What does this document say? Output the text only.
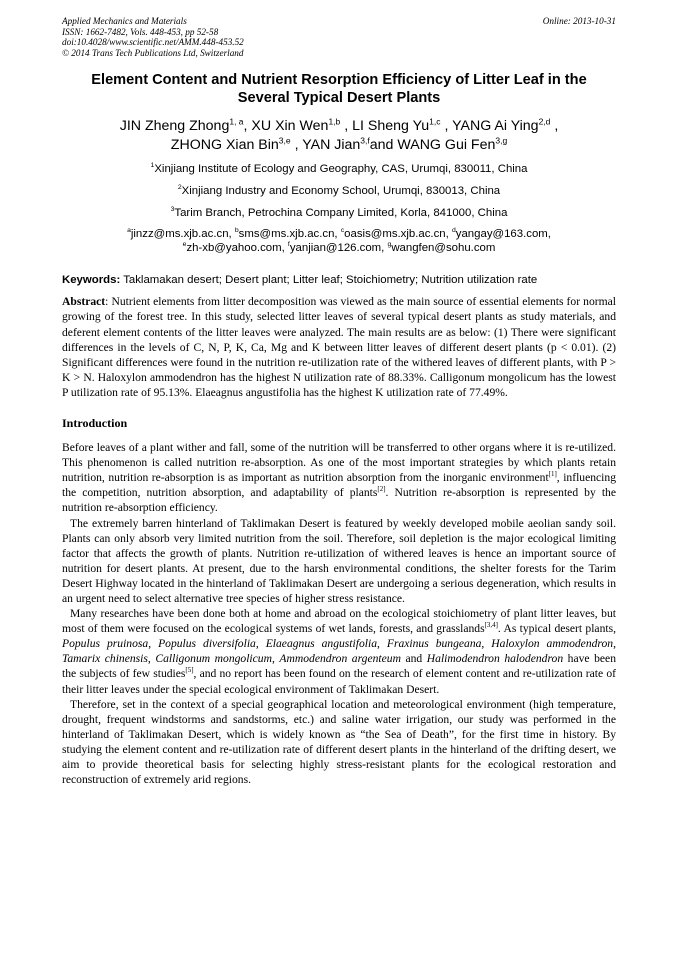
Applied Mechanics and Materials
ISSN: 1662-7482, Vols. 448-453, pp 52-58
doi:10.4028/www.scientific.net/AMM.448-453.52
© 2014 Trans Tech Publications Ltd, Switzerland
Online: 2013-10-31
Element Content and Nutrient Resorption Efficiency of Litter Leaf in the
Several Typical Desert Plants
JIN Zheng Zhong$^{1, a}$, XU Xin Wen$^{1,b}$ , LI Sheng Yu$^{1,c}$ , YANG Ai Ying$^{2,d}$ ,
ZHONG Xian Bin$^{3,e}$ , YAN Jian$^{3,f}$and WANG Gui Fen$^{3,g}$
$^1$Xinjiang Institute of Ecology and Geography, CAS, Urumqi, 830011, China
$^2$Xinjiang Industry and Economy School, Urumqi, 830013, China
$^3$Tarim Branch, Petrochina Company Limited, Korla, 841000, China
$^a$jinzz@ms.xjb.ac.cn, $^b$sms@ms.xjb.ac.cn, $^c$oasis@ms.xjb.ac.cn, $^d$yangay@163.com,
$^e$zh-xb@yahoo.com, $^f$yanjian@126.com, $^g$wangfen@sohu.com
Keywords: Taklamakan desert; Desert plant; Litter leaf; Stoichiometry; Nutrition utilization rate
Abstract: Nutrient elements from litter decomposition was viewed as the main source of essential elements for normal growing of the forest tree. In this study, selected litter leaves of several typical desert plants as study materials, and deferent element contents of the litter leaves were analyzed. The main results are as below: (1) There were significant differences in the levels of C, N, P, K, Ca, Mg and K between litter leaves of different desert plants (p < 0.01). (2) Significant differences were found in the nutrition re-utilization rate of the withered leaves of different plants, with P > K > N. Haloxylon ammodendron has the highest N utilization rate of 88.33%. Calligonum mongolicum has the lowest P utilization rate of 95.13%. Elaeagnus angustifolia has the highest K utilization rate of 77.49%.
Introduction

Before leaves of a plant wither and fall, some of the nutrition will be transferred to other organs where it is re-utilized. This phenomenon is called nutrition re-absorption. As one of the most important strategies by which plants retain nutrition, nutrition re-absorption is as important as nutrition absorption from the inorganic environment[1], influencing the competition, nutrition absorption, and adaptability of plants[2]. Nutrition re-absorption is represented by the nutrition re-absorption efficiency.

The extremely barren hinterland of Taklimakan Desert is featured by weekly developed mobile aeolian sandy soil. Plants can only absorb very limited nutrition from the soil. Therefore, soil depletion is the major ecological limiting factor that affects the growth of plants. Nutrition re-utilization of withered leaves is hence an important source of nutrition for desert plants. At present, due to the harsh environmental conditions, the shelter forests for the Tarim Desert Highway located in the hinterland of Taklimakan Desert are undergoing a serious degeneration, which results in an urgent need to select alternative tree species of higher stress resistance.

Many researches have been done both at home and abroad on the ecological stoichiometry of plant litter leaves, but most of them were focused on the ecological systems of wet lands, forests, and grasslands[3,4]. As typical desert plants, Populus pruinosa, Populus diversifolia, Elaeagnus angustifolia, Fraxinus bungeana, Haloxylon ammodendron, Tamarix chinensis, Calligonum mongolicum, Ammodendron argenteum and Halimodendron halodendron have been the subjects of few studies[5], and no report has been found on the research of element content and re-utilization rate of their litter leaves under the special ecological environment of Taklimakan Desert.

Therefore, set in the context of a special geographical location and meteorological environment (high temperature, drought, frequent windstorms and sandstorms, etc.) and saline water irrigation, our study was performed in the hinterland of Taklimakan Desert, which is widely known as “the Sea of Death”, for the first time in history. By studying the element content and re-utilization rate of different desert plants in the hinterland of the drifting desert, we aim to provide theoretical basis for selecting highly stress-resistant plants for the ecological restoration and reconstruction of extremely arid regions.
